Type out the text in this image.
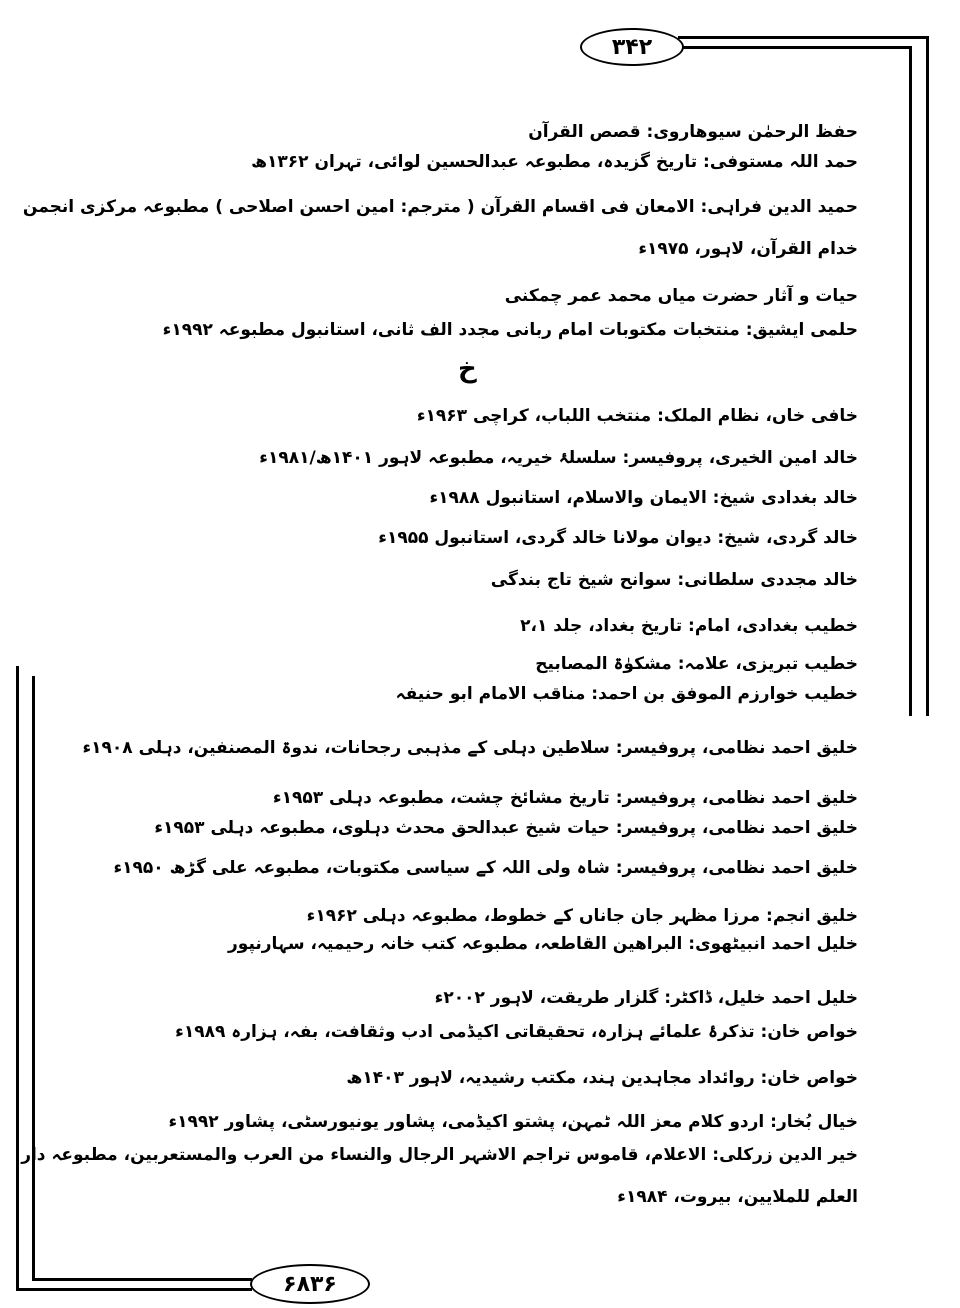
۳۴۲
۶۸۳۶
حفظ الرحمٰن سیوھاروی: قصص القرآن
حمد اللہ مستوفی: تاریخ گزیدہ، مطبوعہ عبدالحسین لوائی، تہران ۱۳۶۲ھ
حمید الدین فراہی: الامعان فی اقسام القرآن ( مترجم: امین احسن اصلاحی ) مطبوعہ مرکزی انجمن خدام القرآن، لاہور، ۱۹۷۵ء
حیات و آثار حضرت میاں محمد عمر چمکنی
حلمی ایشیق: منتخبات مکتوبات امام ربانی مجدد الف ثانی، استانبول مطبوعہ ۱۹۹۲ء
خافی خاں، نظام الملک: منتخب اللباب، کراچی ۱۹۶۳ء
خالد امین الخیری، پروفیسر: سلسلۂ خیریہ، مطبوعہ لاہور ۱۴۰۱ھ/۱۹۸۱ء
خالد بغدادی شیخ: الایمان والاسلام، استانبول ۱۹۸۸ء
خالد گردی، شیخ: دیوان مولانا خالد گردی، استانبول ۱۹۵۵ء
خالد مجددی سلطانی: سوانح شیخ تاج بندگی
خطیب بغدادی، امام: تاریخ بغداد، جلد ۲،۱
خطیب تبریزی، علامہ: مشکوٰۃ المصابیح
خطیب خوارزم الموفق بن احمد: مناقب الامام ابو حنیفہ
خلیق احمد نظامی، پروفیسر: سلاطین دہلی کے مذہبی رجحانات، ندوۃ المصنفین، دہلی ۱۹۰۸ء
خلیق احمد نظامی، پروفیسر: تاریخ مشائخ چشت، مطبوعہ دہلی ۱۹۵۳ء
خلیق احمد نظامی، پروفیسر: حیات شیخ عبدالحق محدث دہلوی، مطبوعہ دہلی ۱۹۵۳ء
خلیق احمد نظامی، پروفیسر: شاہ ولی اللہ کے سیاسی مکتوبات، مطبوعہ علی گڑھ ۱۹۵۰ء
خلیق انجم: مرزا مظہر جان جاناں کے خطوط، مطبوعہ دہلی ۱۹۶۲ء
خلیل احمد انبیٹھوی: البراھین القاطعہ، مطبوعہ کتب خانہ رحیمیہ، سہارنپور
خلیل احمد خلیل، ڈاکٹر: گلزار طریقت، لاہور ۲۰۰۲ء
خواص خان: تذکرۂ علمائے ہزارہ، تحقیقاتی اکیڈمی ادب وثقافت، بفہ، ہزارہ ۱۹۸۹ء
خواص خان: روائداد مجاہدین ہند، مکتب رشیدیہ، لاہور ۱۴۰۳ھ
خیال بُخار: اردو کلام معز اللہ ٹمہن، پشتو اکیڈمی، پشاور یونیورسٹی، پشاور ۱۹۹۲ء
خیر الدین زرکلی: الاعلام، قاموس تراجم الاشہر الرجال والنساء من العرب والمستعربین، مطبوعہ دار العلم للملایین، بیروت، ۱۹۸۴ء
خ
